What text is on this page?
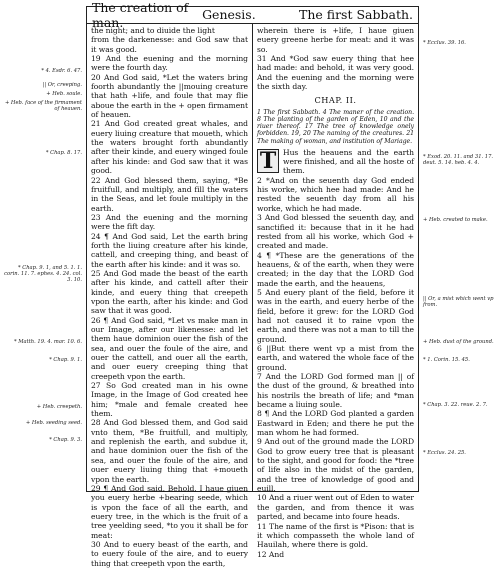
The creation of man.	Genesis.	The first Sabbath.

the night; and to diuide the light

from the darkenesse: and God saw that it was good.

19 And the euening and the morning were the fourth day.

20 And God said, *Let the waters bring foorth abundantly the ||mouing creature that hath +life, and foule that may flie aboue the earth in the + open firmament of heauen.

21 And God created great whales, and euery liuing creature that moueth, which the waters brought forth abundantly after their kinde, and euery winged foule after his kinde: and God saw that it was good.

22 And God blessed them, saying, *Be fruitfull, and multiply, and fill the waters in the Seas, and let foule multiply in the earth.

23 And the euening and the morning were the fift day.

24 ¶ And God said, Let the earth bring forth the liuing creature after his kinde, cattell, and creeping thing, and beast of the earth after his kinde: and it was so.

25 And God made the beast of the earth after his kinde, and cattell after their kinde, and euery thing that creepeth vpon the earth, after his kinde: and God saw that it was good.

26 ¶ And God said, *Let vs make man in our Image, after our likenesse: and let them haue dominion ouer the fish of the sea, and ouer the foule of the aire, and ouer the cattell, and ouer all the earth, and ouer euery creeping thing that creepeth vpon the earth.

27 So God created man in his owne Image, in the Image of God created hee him; *male and female created hee them.

28 And God blessed them, and God said vnto them, *Be fruitfull, and multiply, and replenish the earth, and subdue it, and haue dominion ouer the fish of the sea, and ouer the foule of the aire, and ouer euery liuing thing that +moueth vpon the earth.

29 ¶ And God said, Behold, I haue giuen you euery herbe +bearing seede, which is vpon the face of all the earth, and euery tree, in the which is the fruit of a tree yeelding seed, *to you it shall be for meat:

30 And to euery beast of the earth, and to euery foule of the aire, and to euery thing that creepeth vpon the earth,

wherein there is +life, I haue giuen euery greene herbe for meat: and it was so.

31 And *God saw euery thing that hee had made: and behold, it was very good. And the euening and the morning were the sixth day.

CHAP. II.
1 The first Sabbath. 4 The maner of the creation. 8 The planting of the garden of Eden, 10 and the riuer thereof. 17 The tree of knowledge onely forbidden. 19, 20 The naming of the creatures. 21 The making of woman, and institution of Mariage.
T Hus the heauens and the earth were finished, and all the hoste of them.

2 *And on the seuenth day God ended his worke, which hee had made: And he rested the seuenth day from all his worke, which he had made.

3 And God blessed the seuenth day, and sanctified it: because that in it he had rested from all his worke, which God + created and made.

4 ¶ *These are the generations of the heauens, & of the earth, when they were created; in the day that the LORD God made the earth, and the heauens,

5 And euery plant of the field, before it was in the earth, and euery herbe of the field, before it grew: for the LORD God had not caused it to raine vpon the earth, and there was not a man to till the ground.

6 ||But there went vp a mist from the earth, and watered the whole face of the ground.

7 And the LORD God formed man || of the dust of the ground, & breathed into his nostrils the breath of life; and *man became a liuing soule.

8 ¶ And the LORD God planted a garden Eastward in Eden; and there he put the man whom he had formed.

9 And out of the ground made the LORD God to grow euery tree that is pleasant to the sight, and good for food: the *tree of life also in the midst of the garden, and the tree of knowledge of good and euill.

10 And a riuer went out of Eden to water the garden, and from thence it was parted, and became into foure heads.

11 The name of the first is *Pison: that is it which compasseth the whole land of Hauilah, where there is gold.

12 And

* 4. Esdr. 6. 47.
|| Or, creeping.
+ Heb. soule.
+ Heb. face of the firmament of heauen.
* Chap. 8. 17.
* Chap. 9. 1, and 5. 1. 1. corin. 11. 7. ephes. 4. 24. col. 3. 10.
* Matth. 19. 4. mar. 10. 6.
* Chap. 9. 1.
+ Heb. creepeth.
+ Heb. seeding seed.
* Chap. 9. 3.
* Ecclus. 39. 16.
* Exod. 20. 11. and 31. 17. deut. 5. 14. heb. 4. 4.
+ Heb. created to make.
|| Or, a mist which went vp from.
+ Heb. dust of the ground.
* 1. Corin. 15. 45.
* Chap. 3. 22. reue. 2. 7.
* Ecclus. 24. 25.
